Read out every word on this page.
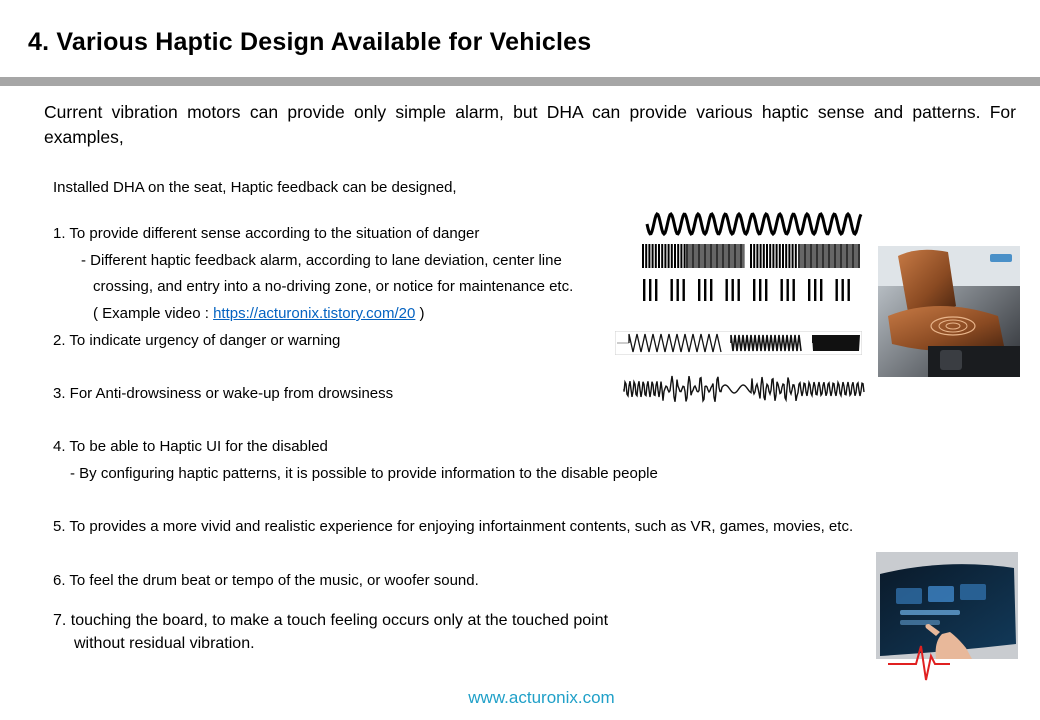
4. Various Haptic Design Available for Vehicles
Current vibration motors can provide only simple alarm, but DHA can provide various haptic sense and patterns. For examples,
Installed DHA on the seat, Haptic feedback can be designed,
1. To provide different sense according to the situation of danger
- Different haptic feedback alarm, according to lane deviation, center line
crossing, and entry into a no-driving zone, or notice for maintenance etc.
( Example video : https://acturonix.tistory.com/20 )
2. To indicate urgency of danger or warning
3. For Anti-drowsiness or wake-up from drowsiness
4. To be able to Haptic UI for the disabled
- By configuring haptic patterns, it is possible to provide information to the disable people
5. To provides a more vivid and realistic experience for enjoying infortainment contents, such as VR, games, movies, etc.
6. To feel the drum beat or tempo of the music, or woofer sound.
7. touching the board, to make a touch feeling occurs only at the touched point
without residual vibration.
www.acturonix.com
